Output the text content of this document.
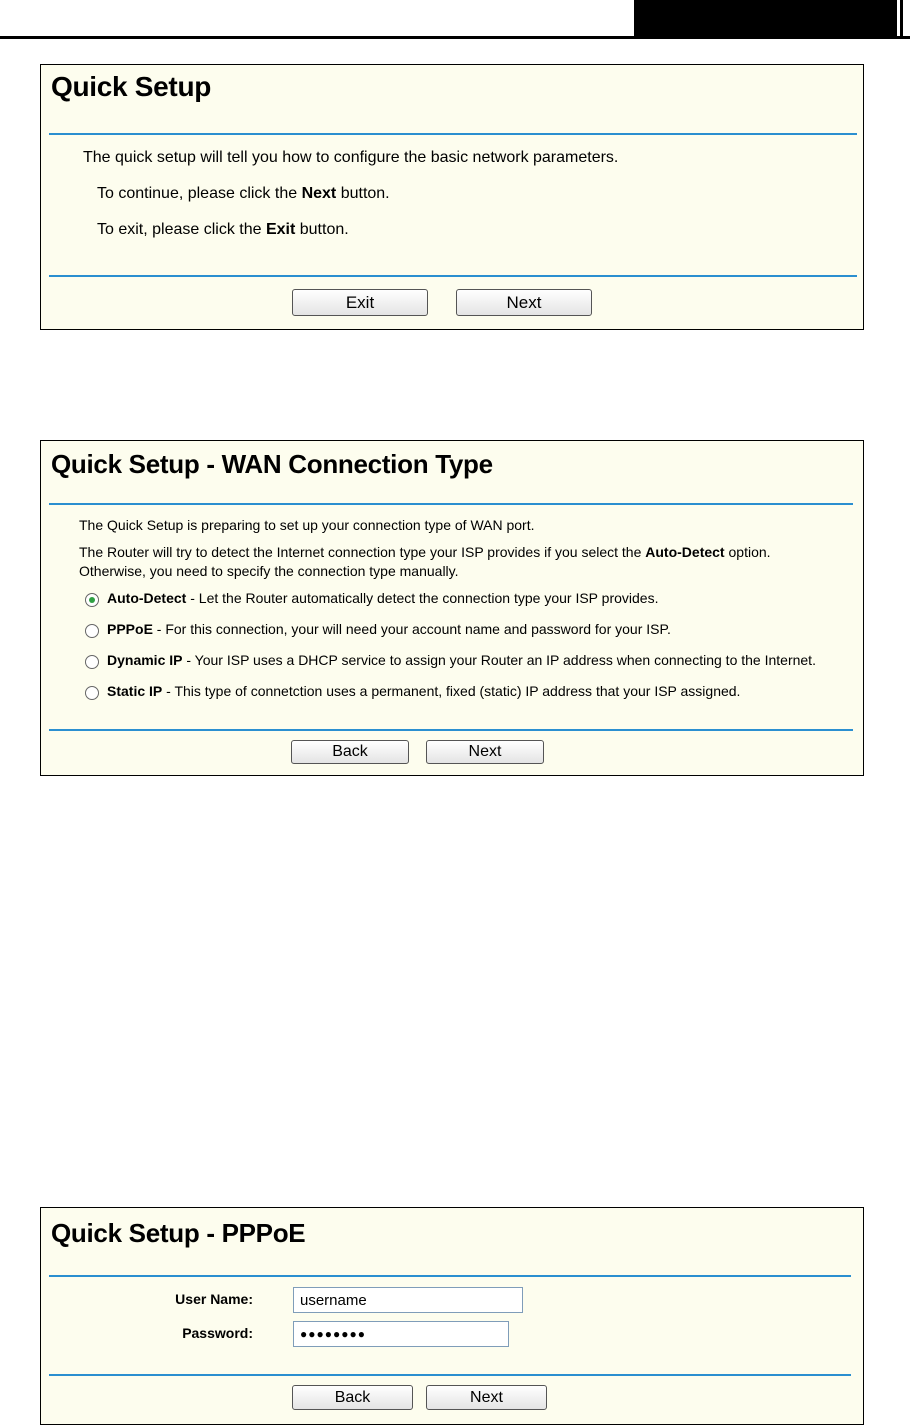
Quick Setup
The quick setup will tell you how to configure the basic network parameters.
To continue, please click the Next button.
To exit, please click the Exit button.
Exit	Next
Quick Setup - WAN Connection Type
The Quick Setup is preparing to set up your connection type of WAN port.
The Router will try to detect the Internet connection type your ISP provides if you select the Auto-Detect option.
Otherwise, you need to specify the connection type manually.
Auto-Detect - Let the Router automatically detect the connection type your ISP provides.
PPPoE - For this connection, your will need your account name and password for your ISP.
Dynamic IP - Your ISP uses a DHCP service to assign your Router an IP address when connecting to the Internet.
Static IP - This type of connetction uses a permanent, fixed (static) IP address that your ISP assigned.
Back	Next
Quick Setup - PPPoE
User Name:
username
Password:	●●●●●●●●
Back	Next
